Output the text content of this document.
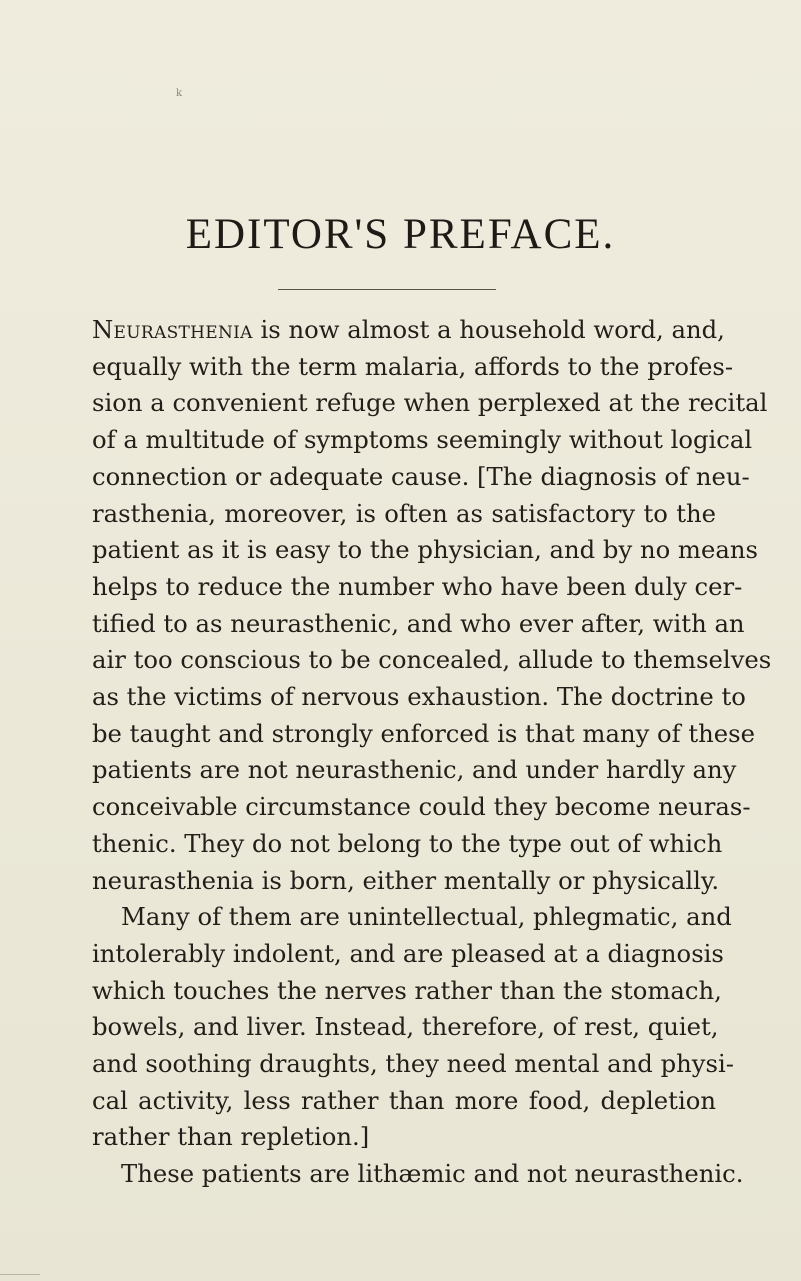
k
EDITOR'S PREFACE.
Neurasthenia is now almost a household word, and,
equally with the term malaria, affords to the profes-
sion a convenient refuge when perplexed at the recital
of a multitude of symptoms seemingly without logical
connection or adequate cause. [The diagnosis of neu-
rasthenia, moreover, is often as satisfactory to the
patient as it is easy to the physician, and by no means
helps to reduce the number who have been duly cer-
tified to as neurasthenic, and who ever after, with an
air too conscious to be concealed, allude to themselves
as the victims of nervous exhaustion. The doctrine to
be taught and strongly enforced is that many of these
patients are not neurasthenic, and under hardly any
conceivable circumstance could they become neuras-
thenic. They do not belong to the type out of which
neurasthenia is born, either mentally or physically.
Many of them are unintellectual, phlegmatic, and
intolerably indolent, and are pleased at a diagnosis
which touches the nerves rather than the stomach,
bowels, and liver. Instead, therefore, of rest, quiet,
and soothing draughts, they need mental and physi-
cal activity, less rather than more food, depletion
rather than repletion.]
These patients are lithæmic and not neurasthenic.
